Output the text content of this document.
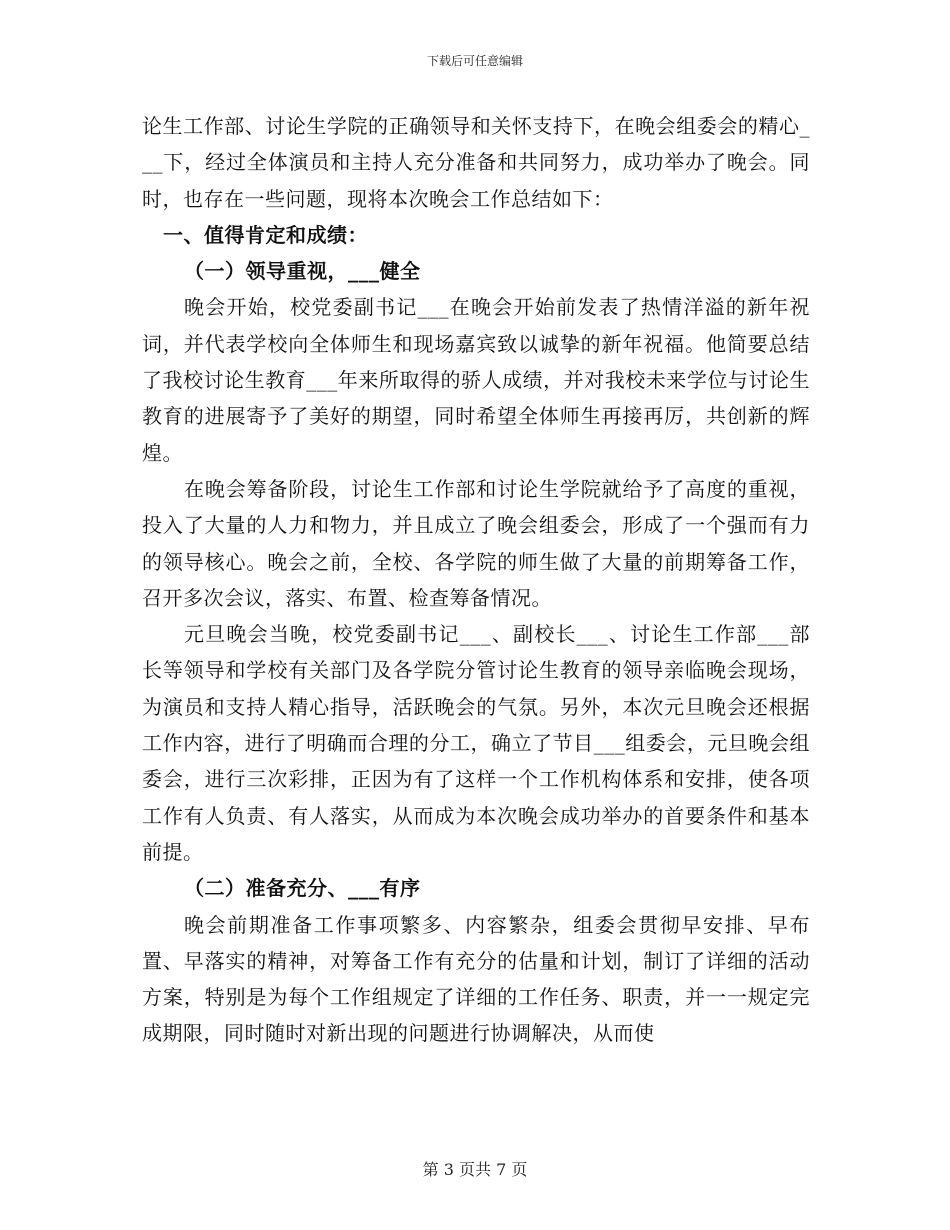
下载后可任意编辑

论生工作部、讨论生学院的正确领导和关怀支持下，在晚会组委会的精心___下，经过全体演员和主持人充分准备和共同努力，成功举办了晚会。同时，也存在一些问题，现将本次晚会工作总结如下：

一、值得肯定和成绩：

（一）领导重视，___健全

晚会开始，校党委副书记___在晚会开始前发表了热情洋溢的新年祝词，并代表学校向全体师生和现场嘉宾致以诚挚的新年祝福。他简要总结了我校讨论生教育___年来所取得的骄人成绩，并对我校未来学位与讨论生教育的进展寄予了美好的期望，同时希望全体师生再接再厉，共创新的辉煌。

在晚会筹备阶段，讨论生工作部和讨论生学院就给予了高度的重视，投入了大量的人力和物力，并且成立了晚会组委会，形成了一个强而有力的领导核心。晚会之前，全校、各学院的师生做了大量的前期筹备工作，召开多次会议，落实、布置、检查筹备情况。

元旦晚会当晚，校党委副书记___、副校长___、讨论生工作部___部长等领导和学校有关部门及各学院分管讨论生教育的领导亲临晚会现场，为演员和支持人精心指导，活跃晚会的气氛。另外，本次元旦晚会还根据工作内容，进行了明确而合理的分工，确立了节目___组委会，元旦晚会组委会，进行三次彩排，正因为有了这样一个工作机构体系和安排，使各项工作有人负责、有人落实，从而成为本次晚会成功举办的首要条件和基本前提。

（二）准备充分、___有序

晚会前期准备工作事项繁多、内容繁杂，组委会贯彻早安排、早布置、早落实的精神，对筹备工作有充分的估量和计划，制订了详细的活动方案，特别是为每个工作组规定了详细的工作任务、职责，并一一规定完成期限，同时随时对新出现的问题进行协调解决，从而使

第 3 页共 7 页
